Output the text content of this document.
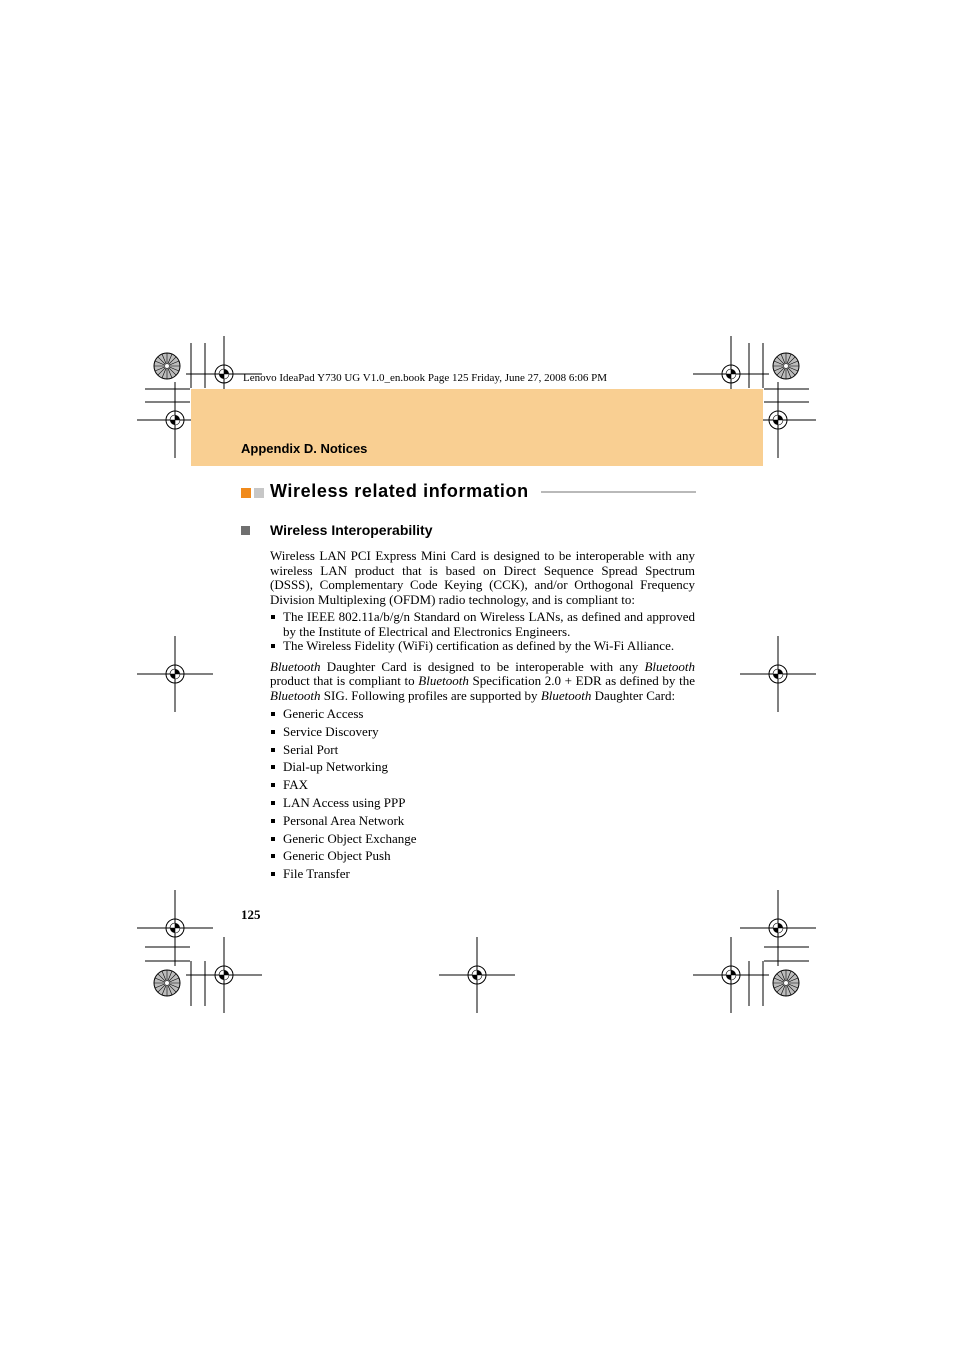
Lenovo IdeaPad Y730 UG V1.0_en.book Page 125 Friday, June 27, 2008 6:06 PM
Appendix D. Notices
Wireless related information
Wireless Interoperability

Wireless LAN PCI Express Mini Card is designed to be interoperable with any wireless LAN product that is based on Direct Sequence Spread Spectrum (DSSS), Complementary Code Keying (CCK), and/or Orthogonal Frequency Division Multiplexing (OFDM) radio technology, and is compliant to:

The IEEE 802.11a/b/g/n Standard on Wireless LANs, as defined and approved by the Institute of Electrical and Electronics Engineers.
The Wireless Fidelity (WiFi) certification as defined by the Wi-Fi Alliance.

Bluetooth Daughter Card is designed to be interoperable with any Bluetooth product that is compliant to Bluetooth Specification 2.0 + EDR as defined by the Bluetooth SIG. Following profiles are supported by Bluetooth Daughter Card:

Generic Access
Service Discovery
Serial Port
Dial-up Networking
FAX
LAN Access using PPP
Personal Area Network
Generic Object Exchange
Generic Object Push
File Transfer
125
